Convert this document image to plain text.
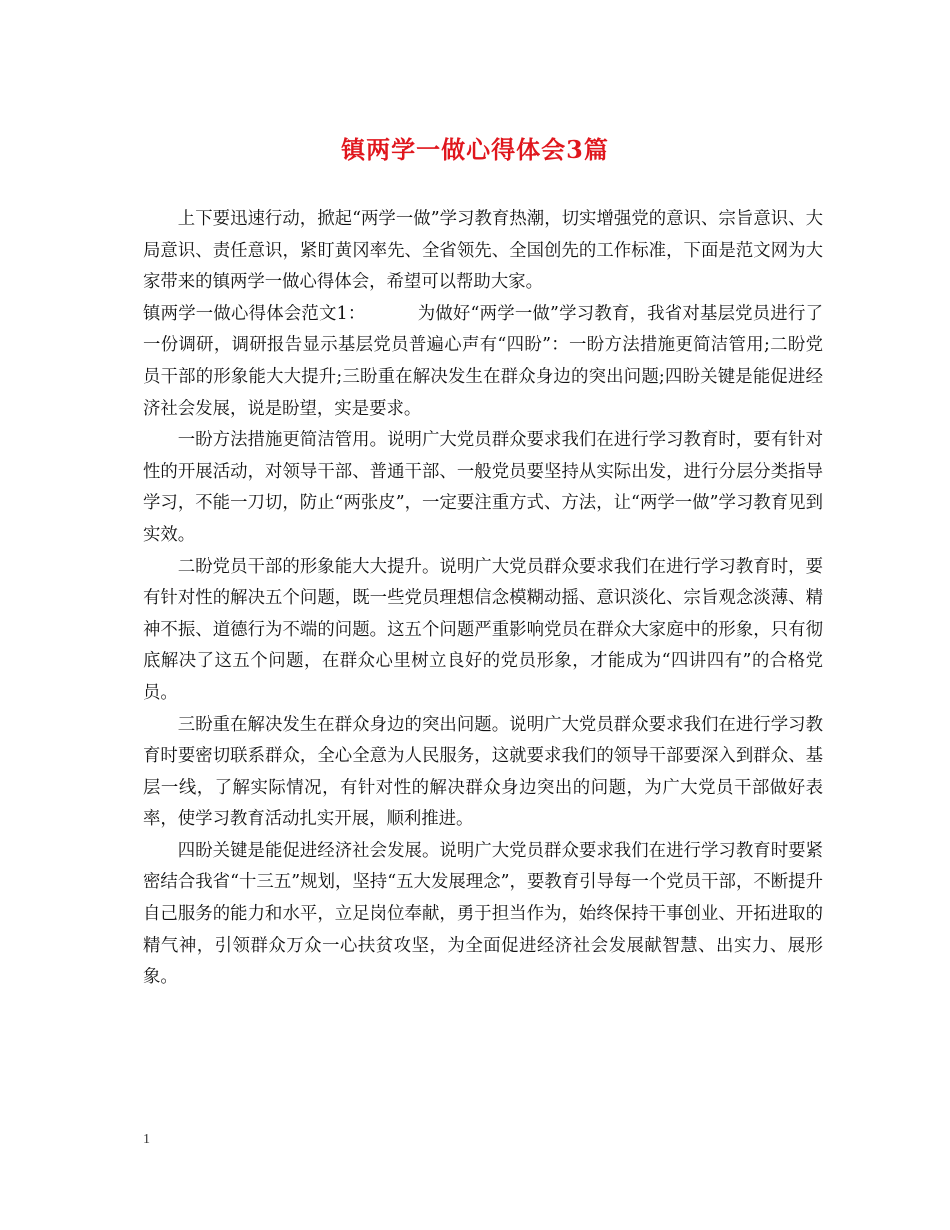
镇两学一做心得体会3篇

上下要迅速行动，掀起“两学一做”学习教育热潮，切实增强党的意识、宗旨意识、大局意识、责任意识，紧盯黄冈率先、全省领先、全国创先的工作标准，下面是范文网为大家带来的镇两学一做心得体会，希望可以帮助大家。

镇两学一做心得体会范文1：	为做好“两学一做”学习教育，我省对基层党员进行了一份调研，调研报告显示基层党员普遍心声有“四盼”：一盼方法措施更简洁管用;二盼党员干部的形象能大大提升;三盼重在解决发生在群众身边的突出问题;四盼关键是能促进经济社会发展，说是盼望，实是要求。

一盼方法措施更简洁管用。说明广大党员群众要求我们在进行学习教育时，要有针对性的开展活动，对领导干部、普通干部、一般党员要坚持从实际出发，进行分层分类指导学习，不能一刀切，防止“两张皮”，一定要注重方式、方法，让“两学一做”学习教育见到实效。

二盼党员干部的形象能大大提升。说明广大党员群众要求我们在进行学习教育时，要有针对性的解决五个问题，既一些党员理想信念模糊动摇、意识淡化、宗旨观念淡薄、精神不振、道德行为不端的问题。这五个问题严重影响党员在群众大家庭中的形象，只有彻底解决了这五个问题，在群众心里树立良好的党员形象，才能成为“四讲四有”的合格党员。

三盼重在解决发生在群众身边的突出问题。说明广大党员群众要求我们在进行学习教育时要密切联系群众，全心全意为人民服务，这就要求我们的领导干部要深入到群众、基层一线，了解实际情况，有针对性的解决群众身边突出的问题，为广大党员干部做好表率，使学习教育活动扎实开展，顺利推进。

四盼关键是能促进经济社会发展。说明广大党员群众要求我们在进行学习教育时要紧密结合我省“十三五”规划，坚持“五大发展理念”，要教育引导每一个党员干部，不断提升自己服务的能力和水平，立足岗位奉献，勇于担当作为，始终保持干事创业、开拓进取的精气神，引领群众万众一心扶贫攻坚，为全面促进经济社会发展献智慧、出实力、展形象。

1
